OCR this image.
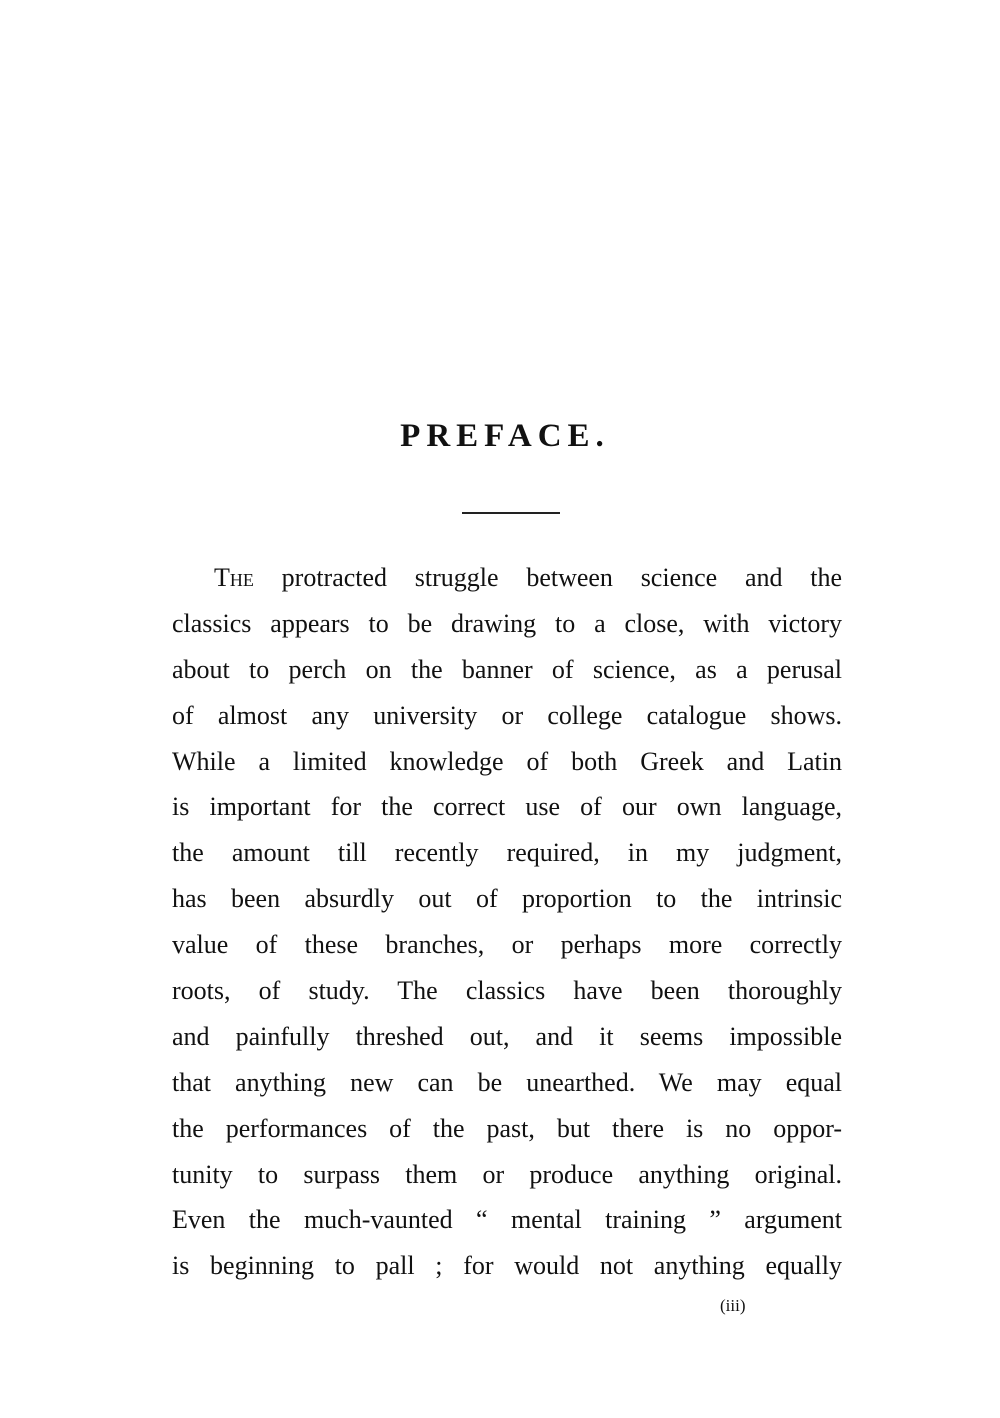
PREFACE.
The protracted struggle between science and the
classics appears to be drawing to a close, with victory
about to perch on the banner of science, as a perusal
of almost any university or college catalogue shows.
While a limited knowledge of both Greek and Latin
is important for the correct use of our own language,
the amount till recently required, in my judgment,
has been absurdly out of proportion to the intrinsic
value of these branches, or perhaps more correctly
roots, of study. The classics have been thoroughly
and painfully threshed out, and it seems impossible
that anything new can be unearthed. We may equal
the performances of the past, but there is no oppor-
tunity to surpass them or produce anything original.
Even the much-vaunted “ mental training ” argument
is beginning to pall ; for would not anything equally
(iii)
